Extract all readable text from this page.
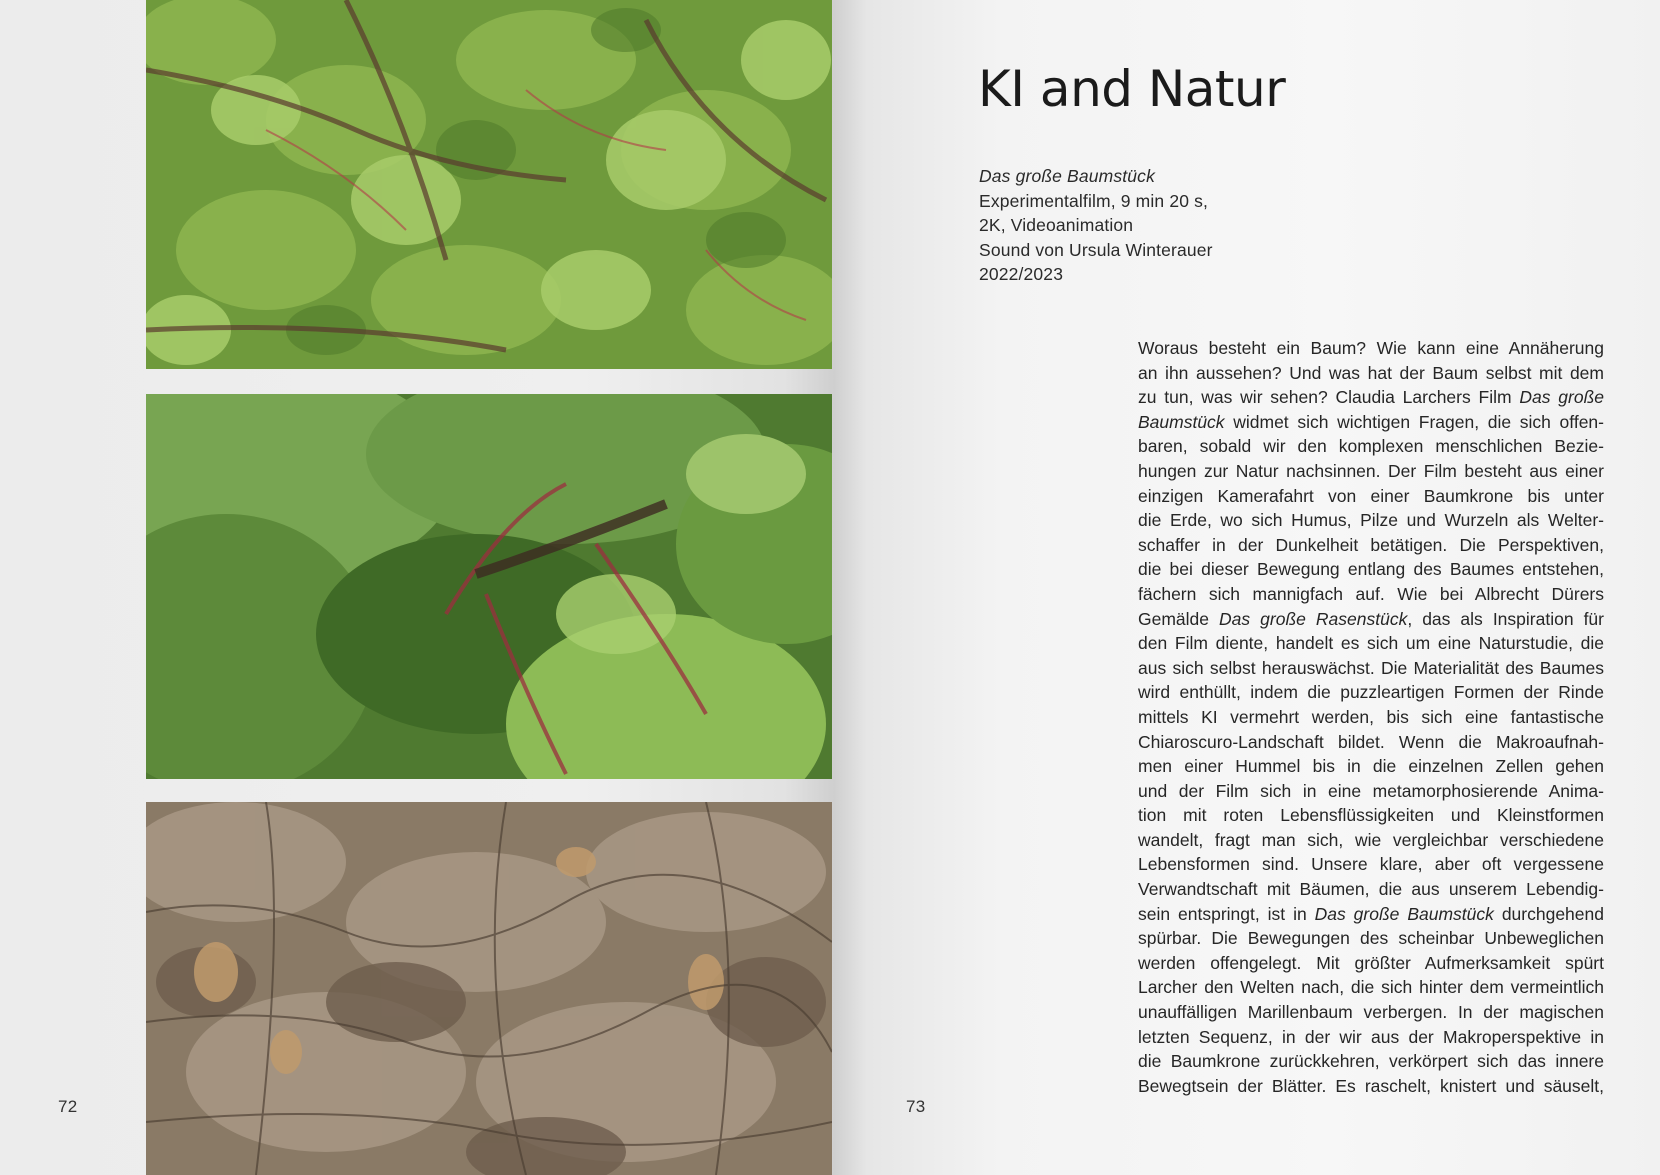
72
KI and Natur
Das große Baumstück
Experimentalfilm, 9 min 20 s,
2K, Videoanimation
Sound von Ursula Winterauer
2022/2023
Woraus besteht ein Baum? Wie kann eine Annäherung
an ihn aussehen? Und was hat der Baum selbst mit dem
zu tun, was wir sehen? Claudia Larchers Film Das große
Baumstück widmet sich wichtigen Fragen, die sich offen-
baren, sobald wir den komplexen menschlichen Bezie-
hungen zur Natur nachsinnen. Der Film besteht aus einer
einzigen Kamerafahrt von einer Baumkrone bis unter
die Erde, wo sich Humus, Pilze und Wurzeln als Welter-
schaffer in der Dunkelheit betätigen. Die Perspektiven,
die bei dieser Bewegung entlang des Baumes entstehen,
fächern sich mannigfach auf. Wie bei Albrecht Dürers
Gemälde Das große Rasenstück, das als Inspiration für
den Film diente, handelt es sich um eine Naturstudie, die
aus sich selbst herauswächst. Die Materialität des Baumes
wird enthüllt, indem die puzzleartigen Formen der Rinde
mittels KI vermehrt werden, bis sich eine fantastische
Chiaroscuro-Landschaft bildet. Wenn die Makroaufnah-
men einer Hummel bis in die einzelnen Zellen gehen
und der Film sich in eine metamorphosierende Anima-
tion mit roten Lebensflüssigkeiten und Kleinstformen
wandelt, fragt man sich, wie vergleichbar verschiedene
Lebensformen sind. Unsere klare, aber oft vergessene
Verwandtschaft mit Bäumen, die aus unserem Lebendig-
sein entspringt, ist in Das große Baumstück durchgehend
spürbar. Die Bewegungen des scheinbar Unbeweglichen
werden offengelegt. Mit größter Aufmerksamkeit spürt
Larcher den Welten nach, die sich hinter dem vermeintlich
unauffälligen Marillenbaum verbergen. In der magischen
letzten Sequenz, in der wir aus der Makroperspektive in
die Baumkrone zurückkehren, verkörpert sich das innere
Bewegtsein der Blätter. Es raschelt, knistert und säuselt,
73
